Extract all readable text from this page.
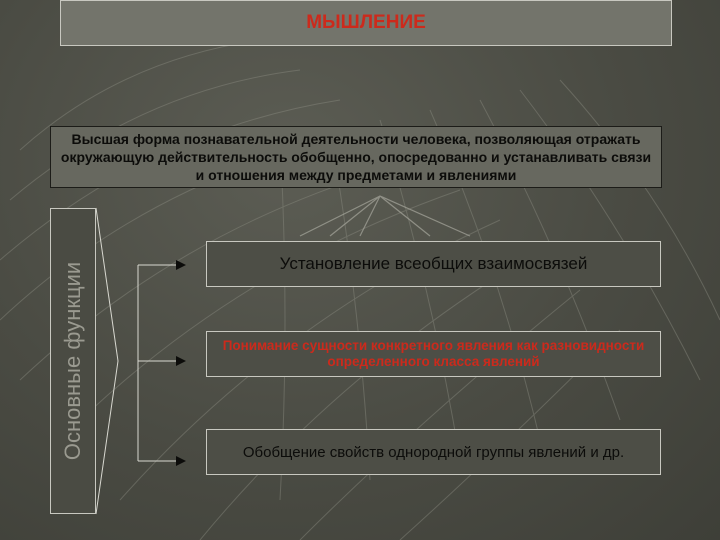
МЫШЛЕНИЕ
Высшая форма познавательной деятельности человека, позволяющая отражать окружающую действительность обобщенно, опосредованно и устанавливать связи и отношения между предметами и явлениями
Основные функции	Установление всеобщих взаимосвязей
Понимание сущности конкретного явления как разновидности определенного класса явлений
Обобщение свойств однородной группы явлений и др.
